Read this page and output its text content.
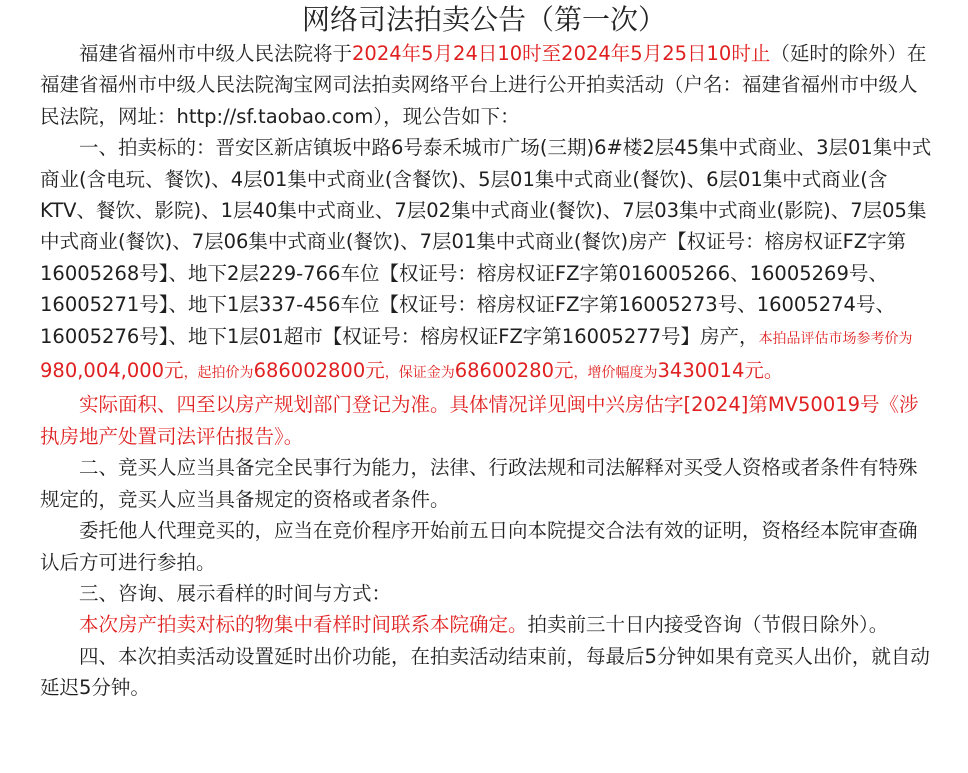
网络司法拍卖公告（第一次）

福建省福州市中级人民法院将于2024年5月24日10时至2024年5月25日10时止（延时的除外）在福建省福州市中级人民法院淘宝网司法拍卖网络平台上进行公开拍卖活动（户名：福建省福州市中级人民法院，网址：http://sf.taobao.com），现公告如下：

一、拍卖标的：晋安区新店镇坂中路6号泰禾城市广场(三期)6#楼2层45集中式商业、3层01集中式商业(含电玩、餐饮)、4层01集中式商业(含餐饮)、5层01集中式商业(餐饮)、6层01集中式商业(含KTV、餐饮、影院)、1层40集中式商业、7层02集中式商业(餐饮)、7层03集中式商业(影院)、7层05集中式商业(餐饮)、7层06集中式商业(餐饮)、7层01集中式商业(餐饮)房产【权证号：榕房权证FZ字第16005268号】、地下2层229-766车位【权证号：榕房权证FZ字第016005266、16005269号、16005271号】、地下1层337-456车位【权证号：榕房权证FZ字第16005273号、16005274号、16005276号】、地下1层01超市【权证号：榕房权证FZ字第16005277号】房产，本拍品评估市场参考价为980,004,000元，起拍价为686002800元，保证金为68600280元，增价幅度为3430014元。

实际面积、四至以房产规划部门登记为准。具体情况详见闽中兴房估字[2024]第MV50019号《涉执房地产处置司法评估报告》。

二、竞买人应当具备完全民事行为能力，法律、行政法规和司法解释对买受人资格或者条件有特殊规定的，竞买人应当具备规定的资格或者条件。

委托他人代理竞买的，应当在竞价程序开始前五日向本院提交合法有效的证明，资格经本院审查确认后方可进行参拍。

三、咨询、展示看样的时间与方式：

本次房产拍卖对标的物集中看样时间联系本院确定。拍卖前三十日内接受咨询（节假日除外）。

四、本次拍卖活动设置延时出价功能，在拍卖活动结束前，每最后5分钟如果有竞买人出价，就自动延迟5分钟。
